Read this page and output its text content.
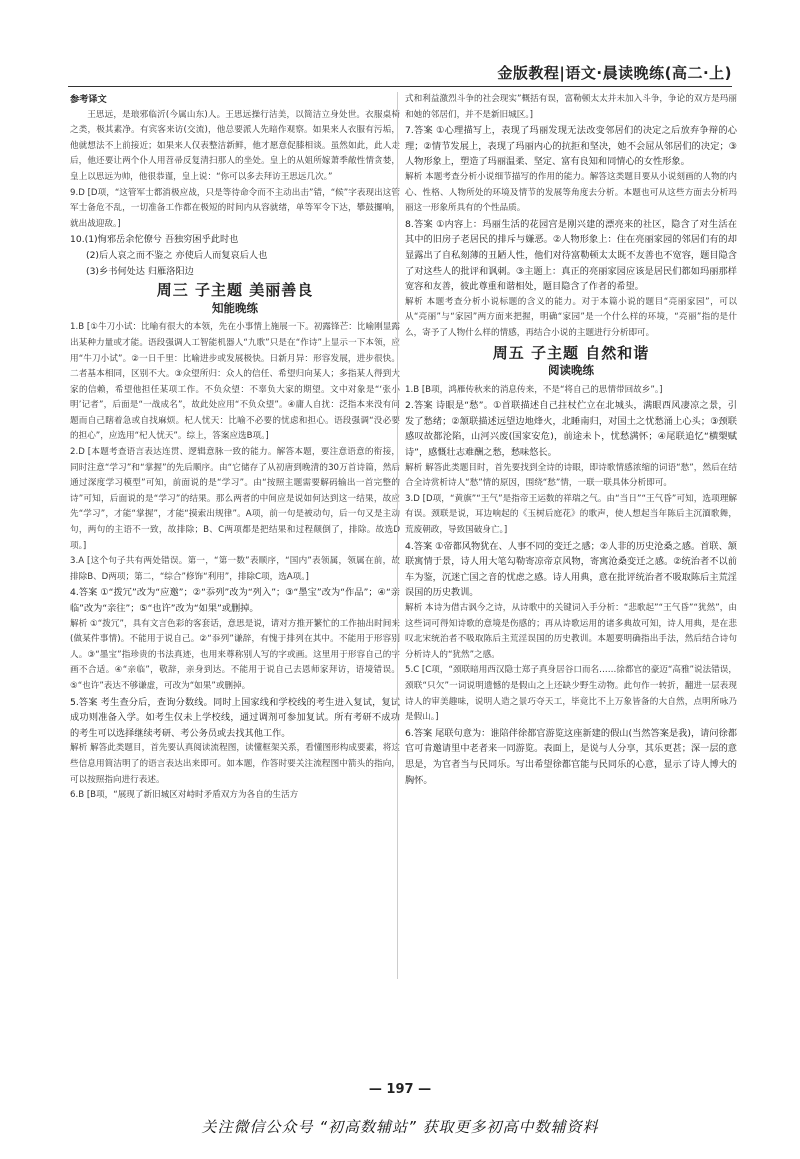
金版教程|语文·晨读晚练(高二·上)

参考译文

王思远，是琅邪临沂(今属山东)人。王思远操行洁美，以简洁立身处世。衣服桌椅之类，极其素净。有宾客来访(交流)，他总要派人先暗作观察。如果来人衣服有污垢，他就想法不上前接近；如果来人仅表整洁新鲜，他才愿意促膝相谈。虽然如此，此人走后，他还要让两个仆人用苕帚反复清扫那人的坐处。皇上的从姐所嫁萧季敞性情贪婪，皇上以思远为帅，他很恭谨，皇上说：“你可以多去拜访王思远几次。”

9.D [D项，“这管军士都消极应战，只是等待命令而不主动出击”错，“候”字表现出这管军士备危不乱，一切准备工作都在极短的时间内从容就绪，单等军令下达，攀鼓攞响，就出战迎敌。]

10.(1)恂邪岳余佗僚兮 吾独穷困乎此时也

(2)后人哀之而不鉴之 亦使后人而复哀后人也

(3)乡书何处达 归雁洛阳边

周三 子主题 美丽善良

知能晚练

1.B [①牛刀小试：比喻有很大的本领，先在小事情上施展一下。初露锋芒：比喻刚显露出某种力量或才能。语段强调人工智能机器人“九歌”只是在“作诗”上显示一下本领，应用“牛刀小试”。②一日千里：比喻进步或发展极快。日新月异：形容发展，进步很快。二者基本相同，区别不大。③众望所归：众人的信任、希望归向某人；多指某人得到大家的信赖，希望他担任某项工作。不负众望：不辜负大家的期望。文中对象是“‘张小明’记者”，后面是“一战成名”，故此处应用“不负众望”。④庸人自扰：泛指本来没有问题而自己瞎着急或自找麻烦。杞人忧天：比喻不必要的忧虑和担心。语段强调“没必要的担心”，应选用“杞人忧天”。综上，答案应选B项。]

2.D [本题考查语言表达连贯、逻辑意脉一致的能力。解答本题，要注意语意的衔接，同时注意“学习”和“掌握”的先后顺序。由“它储存了从初唐到晚清的30万首诗篇，然后通过深度学习模型”可知，前面说的是“学习”。由“按照主题需要解码输出一首完整的诗”可知，后面说的是“学习”的结果。那么两者的中间应是说如何达到这一结果，故应先“学习”，才能“掌握”，才能“摸索出规律”。A项，前一句是被动句，后一句又是主动句，两句的主语不一致，故排除；B、C两项都是把结果和过程颠倒了，排除。故选D项。]

3.A [这个句子共有两处错误。第一，“第一数”表顺序，“国内”表领属，领属在前，故排除B、D两项；第二，“综合”修饰“利用”，排除C项，选A项。]

4.答案 ①“拨冗”改为“应邀”；②“忝列”改为“列入”；③“墨宝”改为“作品”；④“亲临”改为“亲往”；⑤“也许”改为“如果”或删掉。

解析 ①“拨冗”，具有文言色彩的客套话，意思是说，请对方推开繁忙的工作抽出时间来(做某件事情)。不能用于说自己。②“忝列”谦辞，有愧于排列在其中。不能用于形容别人。③“墨宝”指珍贵的书法真迹，也用来尊称别人写的字或画。这里用于形容自己的字画不合适。④“亲临”，敬辞，亲身到达。不能用于说自己去恩师家拜访，语境错误。⑤“也许”表达不够谦虚，可改为“如果”或删掉。

5.答案 考生查分后，查询分数线。同时上国家线和学校线的考生进入复试，复试成功则准备入学。如考生仅未上学校线，通过调剂可参加复试。所有考研不成功的考生可以选择继续考研、考公务员或去找其他工作。

解析 解答此类题目，首先要认真阅读流程图，读懂框架关系，看懂图形构成要素，将这些信息用简洁明了的语言表达出来即可。如本题，作答时要关注流程图中箭头的指向，可以按照指向进行表述。

6.B [B项，“展现了新旧城区对峙时矛盾双方为各自的生活方

式和利益激烈斗争的社会现实”概括有误，富勒顿太太并未加入斗争，争论的双方是玛丽和她的邻居们，并不是新旧城区。]

7.答案 ①心理描写上，表现了玛丽发现无法改变邻居们的决定之后放弃争辩的心理；②情节发展上，表现了玛丽内心的抗拒和坚决，她不会屈从邻居们的决定；③人物形象上，塑造了玛丽温柔、坚定、富有良知和同情心的女性形象。

解析 本题考查分析小说细节描写的作用的能力。解答这类题目要从小说刻画的人物的内心、性格、人物所处的环境及情节的发展等角度去分析。本题也可从这些方面去分析玛丽这一形象所具有的个性品质。

8.答案 ①内容上：玛丽生活的花园宫是刚兴建的漂亮来的社区，隐含了对生活在其中的旧房子老居民的排斥与嫌恶。②人物形象上：住在亮丽家园的邻居们有的却显露出了自私刻薄的丑陋人性，他们对待富勒顿太太既不友善也不宽容，题目隐含了对这些人的批评和讽刺。③主题上：真正的亮丽家园应该是居民们都如玛丽那样宽容和友善，彼此尊重和谐相处，题目隐含了作者的希望。

解析 本题考查分析小说标题的含义的能力。对于本篇小说的题目“亮丽家园”，可以从“亮丽”与“家园”两方面来把握，明确“家园”是一个什么样的环境，“亮丽”指的是什么，寄予了人物什么样的情感，再结合小说的主题进行分析即可。

周五 子主题 自然和谐

阅读晚练

1.B [B项，鸿雁传秋来的消息传来，不是“将自己的思情带回故乡”。]

2.答案 诗眼是“愁”。①首联描述自己拄杖伫立在北城头，满眼西风凄凉之景，引发了愁绪；②颔联描述远望边地烽火，北睡南归，对国土之忧愁涌上心头；③颈联感叹故都沦陷，山河兴废(国家安危)，前途未卜，忧愁满怀；④尾联追忆“横槊赋诗”，感慨壮志难酬之愁，愁味悠长。

解析 解答此类题目时，首先要找到全诗的诗眼，即诗歌情感浓缩的词语“愁”，然后在结合全诗赏析诗人“愁”情的原因，围绕“愁”情，一联一联具体分析即可。

3.D [D项，“黄旗”“王气”是指帝王运数的祥瑞之气。由“当日”“王气昏”可知，选项理解有误。颈联是说，耳边响起的《玉树后庭花》的歌声，使人想起当年陈后主沉湎歌舞，荒废朝政，导致国破身亡。]

4.答案 ①帝都风物犹在、人事不同的变迁之感；②人非的历史沧桑之感。首联、颔联寓情于景，诗人用大笔勾勒寄凉帝京风物，寄寓沧桑变迁之感。②统治者不以前车为鉴，沉迷亡国之音的忧虑之感。诗人用典，意在批评统治者不吸取陈后主荒淫误国的历史教训。

解析 本诗为借古讽今之诗，从诗歌中的关键词入手分析：“悲歌起”“王气昏”“犹然”，由这些词可得知诗歌的意境是伤感的；再从诗歌运用的诸多典故可知，诗人用典，是在悲叹北宋统治者不吸取陈后主荒淫误国的历史教训。本题要明确指出手法，然后结合诗句分析诗人的“犹然”之感。

5.C [C项，“颈联暗用西汉隐士郑子真身居谷口而名……徐都官的豪迈“高雅”说法错误，颈联“只欠”一词说明遗憾的是假山之上还缺少野生动物。此句作一转折，翻进一层表现诗人的审美趣味，说明人造之景巧夺天工，毕竟比不上万象皆备的大自然，点明所咏乃是假山。]

6.答案 尾联句意为：谁陪伴徐都官游览这座新建的假山(当然答案是我)，请问徐都官可肯邀请里中老者来一同游览。表面上，是说与人分享，其乐更甚；深一层的意思是，为官者当与民同乐。写出希望徐都官能与民同乐的心意，显示了诗人博大的胸怀。

— 197 —
关注微信公众号 “初高数辅站” 获取更多初高中数辅资料
